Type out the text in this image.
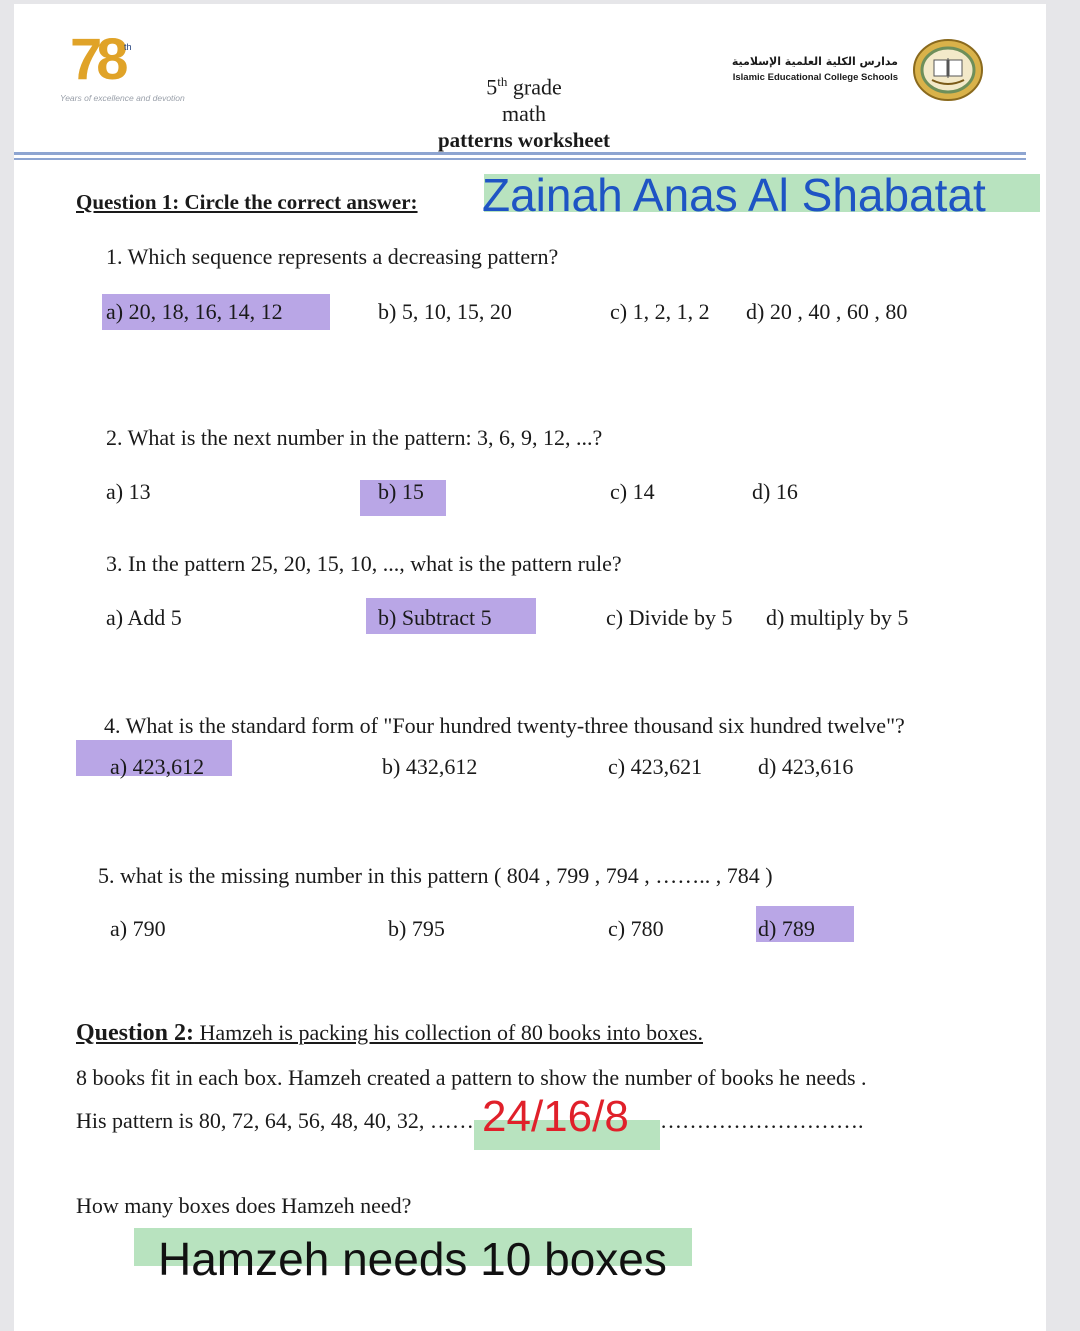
78 th
Years of excellence and devotion	5th grade
math
patterns worksheet
مدارس الكلية العلمية الإسلامية
Islamic Educational College Schools
Question 1: Circle the correct answer: Zainah Anas Al Shabatat
1. Which sequence represents a decreasing pattern?
a) 20, 18, 16, 14, 12	b) 5, 10, 15, 20	c) 1, 2, 1, 2 d) 20 , 40 , 60 , 80
2. What is the next number in the pattern: 3, 6, 9, 12, ...?
a) 13	b) 15	c) 14	d) 16
3. In the pattern 25, 20, 15, 10, ..., what is the pattern rule?
a) Add 5	b) Subtract 5	c) Divide by 5 d) multiply by 5
4. What is the standard form of "Four hundred twenty-three thousand six hundred twelve"?
a) 423,612	b) 432,612	c) 423,621	d) 423,616
5. what is the missing number in this pattern ( 804 , 799 , 794 , …….. , 784 )
a) 790	b) 795	c) 780	d) 789
Question 2: Hamzeh is packing his collection of 80 books into boxes.
8 books fit in each box. Hamzeh created a pattern to show the number of books he needs .
His pattern is 80, 72, 64, 56, 48, 40, 32, …… 24/16/8 ……………………….
How many boxes does Hamzeh need?
Hamzeh needs 10 boxes
